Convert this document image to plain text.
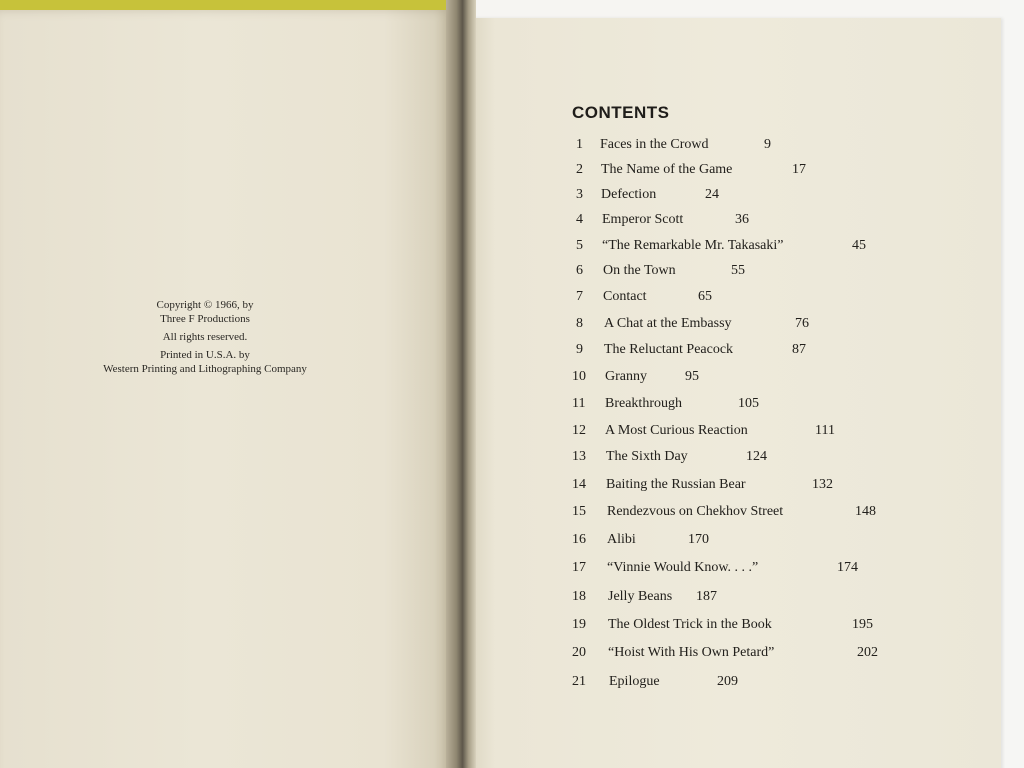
Copyright © 1966, by
Three F Productions
All rights reserved.
Printed in U.S.A. by
Western Printing and Lithographing Company
CONTENTS
1 Faces in the Crowd	9
2 The Name of the Game	17
3 Defection	24
4 Emperor Scott	36
5 “The Remarkable Mr. Takasaki”	45
6 On the Town	55
7 Contact	65
8 A Chat at the Embassy	76
9 The Reluctant Peacock	87
10 Granny	95
11 Breakthrough	105
12 A Most Curious Reaction	111
13 The Sixth Day	124
14 Baiting the Russian Bear	132
15 Rendezvous on Chekhov Street	148
16 Alibi	170
17 “Vinnie Would Know. . . .”	174
18 Jelly Beans 187
19 The Oldest Trick in the Book	195
20 “Hoist With His Own Petard”	202
21 Epilogue	209
